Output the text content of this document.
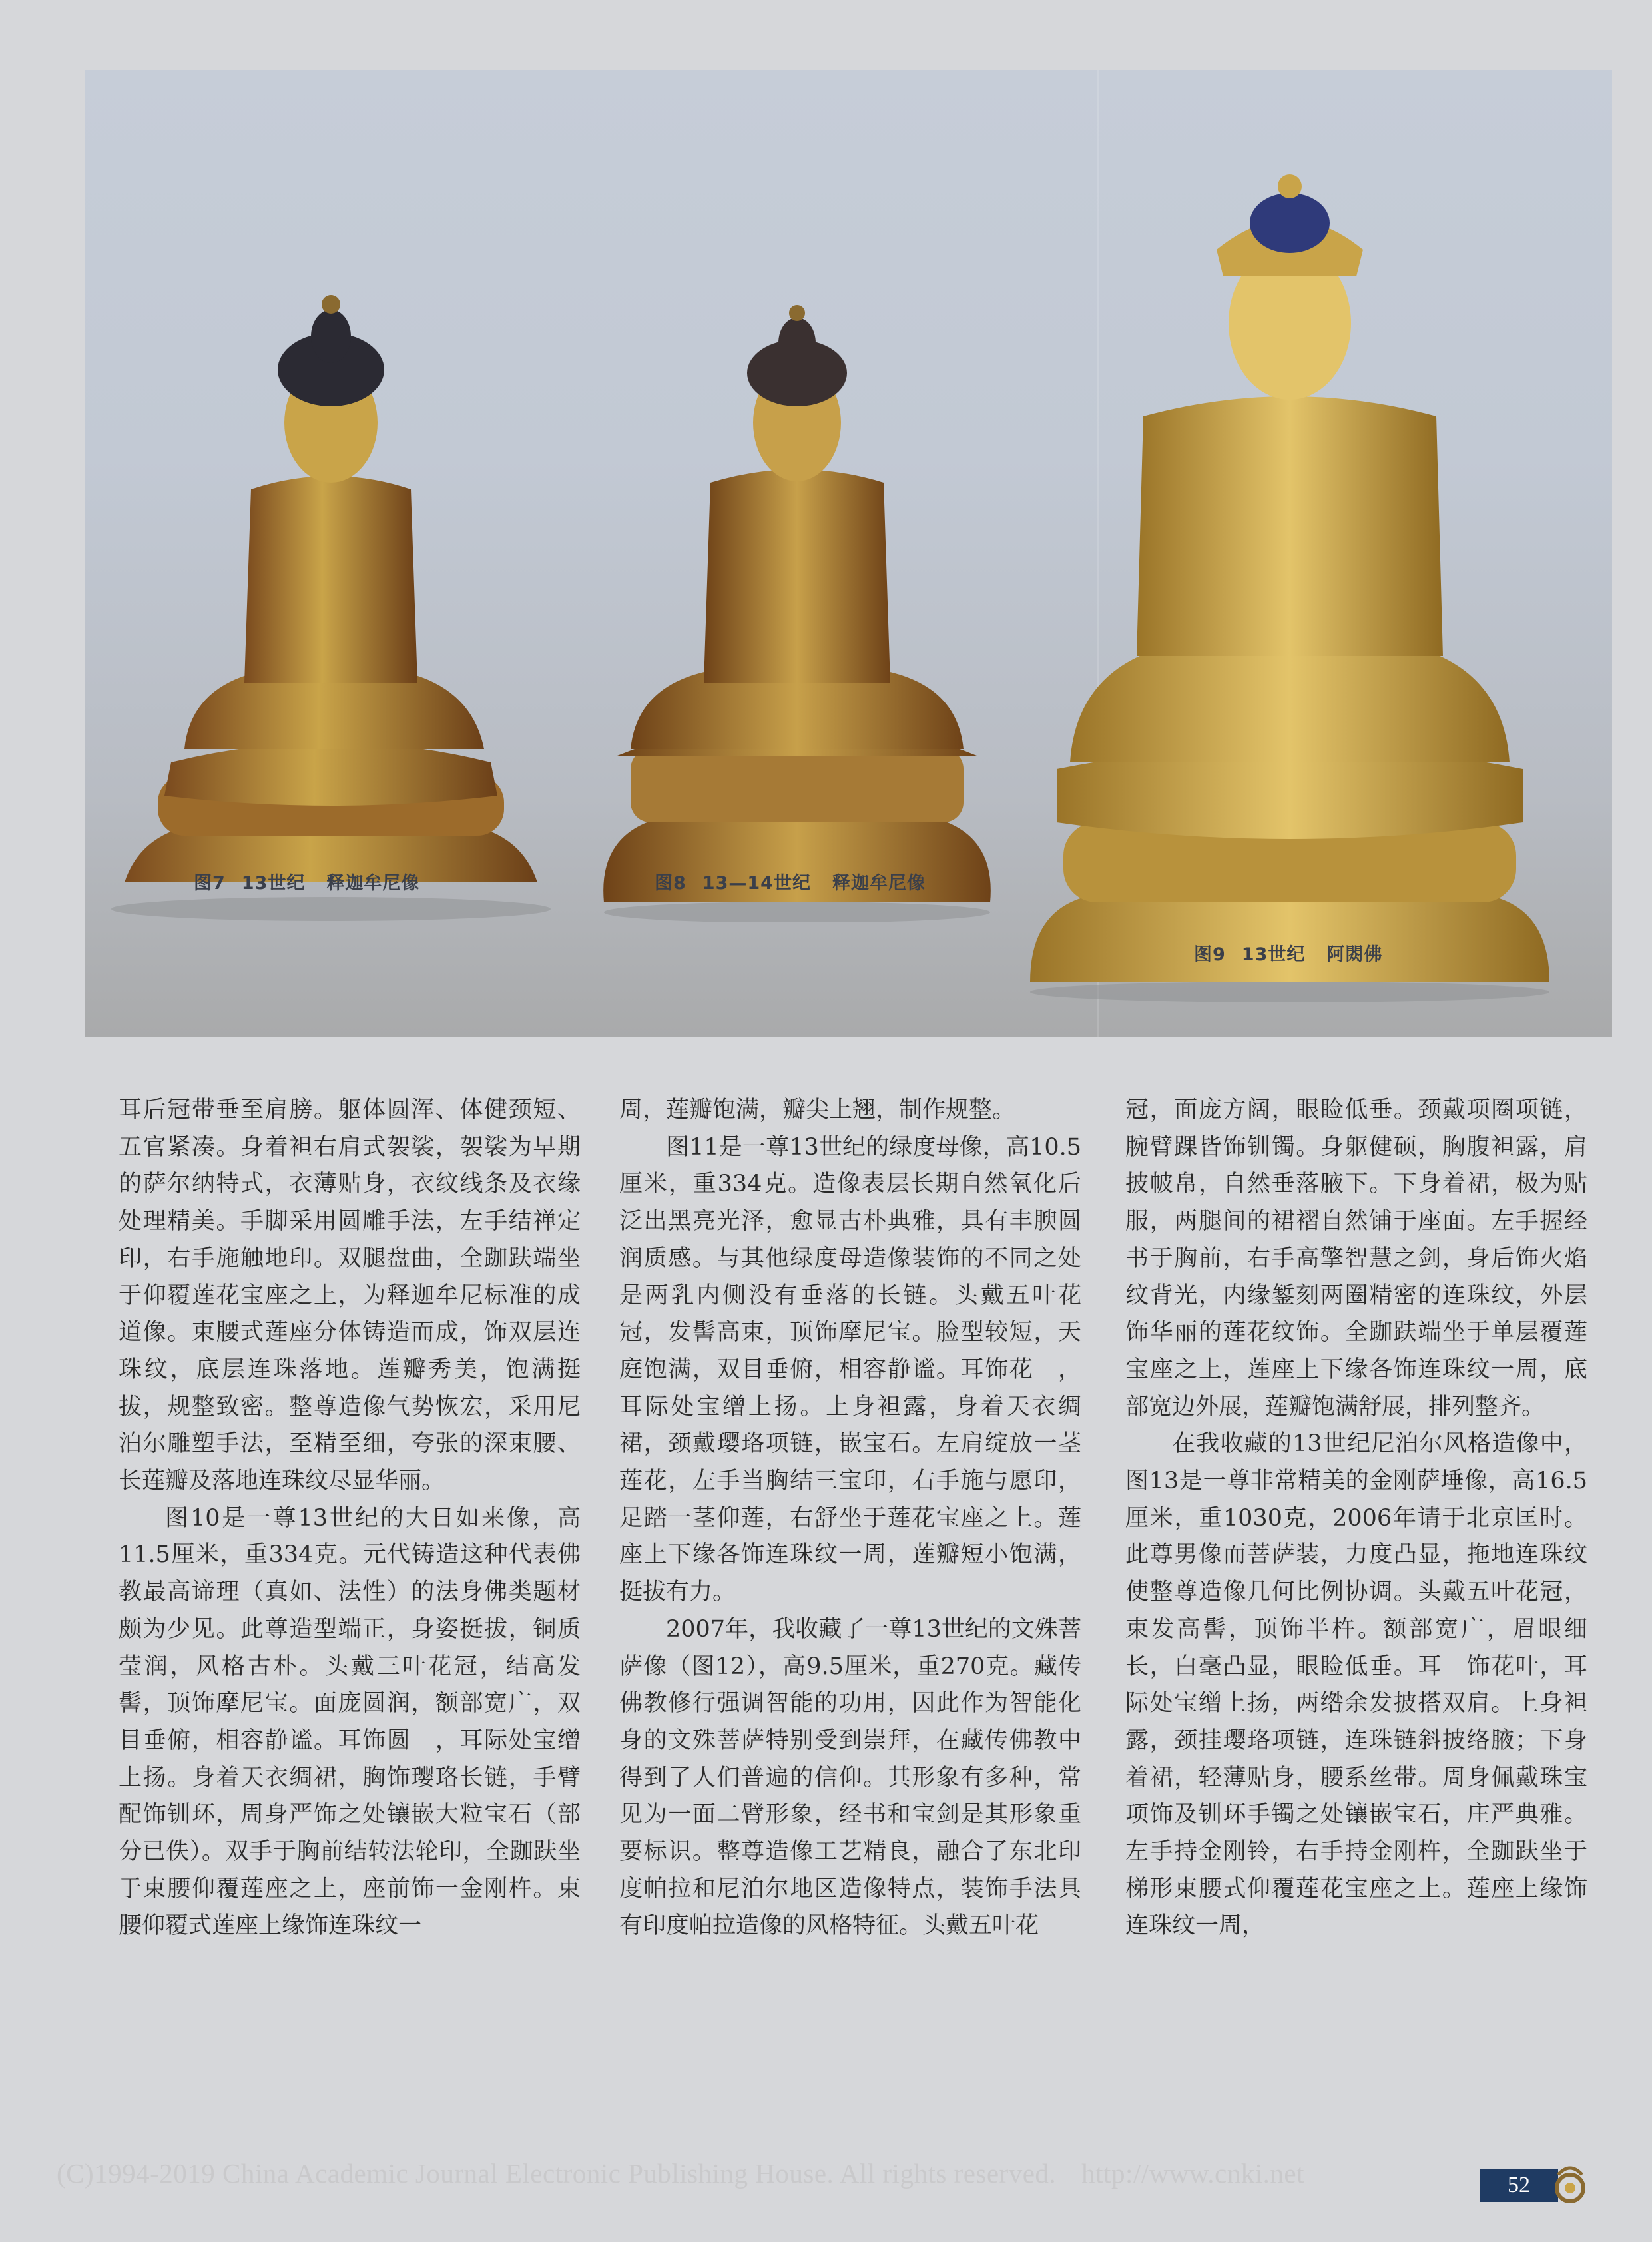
图7 13世纪 释迦牟尼像	图8 13—14世纪 释迦牟尼像
图9 13世纪 阿閦佛

耳后冠带垂至肩膀。躯体圆浑、体健颈短、五官紧凑。身着袒右肩式袈裟，袈裟为早期的萨尔纳特式，衣薄贴身，衣纹线条及衣缘处理精美。手脚采用圆雕手法，左手结禅定印，右手施触地印。双腿盘曲，全跏趺端坐于仰覆莲花宝座之上，为释迦牟尼标准的成道像。束腰式莲座分体铸造而成，饰双层连珠纹，底层连珠落地。莲瓣秀美，饱满挺拔，规整致密。整尊造像气势恢宏，采用尼泊尔雕塑手法，至精至细，夸张的深束腰、长莲瓣及落地连珠纹尽显华丽。

图10是一尊13世纪的大日如来像，高11.5厘米，重334克。元代铸造这种代表佛教最高谛理（真如、法性）的法身佛类题材颇为少见。此尊造型端正，身姿挺拔，铜质莹润，风格古朴。头戴三叶花冠，结高发髻，顶饰摩尼宝。面庞圆润，额部宽广，双目垂俯，相容静谧。耳饰圆　，耳际处宝缯上扬。身着天衣绸裙，胸饰璎珞长链，手臂配饰钏环，周身严饰之处镶嵌大粒宝石（部分已佚）。双手于胸前结转法轮印，全跏趺坐于束腰仰覆莲座之上，座前饰一金刚杵。束腰仰覆式莲座上缘饰连珠纹一

周，莲瓣饱满，瓣尖上翘，制作规整。

图11是一尊13世纪的绿度母像，高10.5厘米，重334克。造像表层长期自然氧化后泛出黑亮光泽，愈显古朴典雅，具有丰腴圆润质感。与其他绿度母造像装饰的不同之处是两乳内侧没有垂落的长链。头戴五叶花冠，发髻高束，顶饰摩尼宝。脸型较短，天庭饱满，双目垂俯，相容静谧。耳饰花　，耳际处宝缯上扬。上身袒露，身着天衣绸裙，颈戴璎珞项链，嵌宝石。左肩绽放一茎莲花，左手当胸结三宝印，右手施与愿印，足踏一茎仰莲，右舒坐于莲花宝座之上。莲座上下缘各饰连珠纹一周，莲瓣短小饱满，挺拔有力。

2007年，我收藏了一尊13世纪的文殊菩萨像（图12），高9.5厘米，重270克。藏传佛教修行强调智能的功用，因此作为智能化身的文殊菩萨特别受到崇拜，在藏传佛教中得到了人们普遍的信仰。其形象有多种，常见为一面二臂形象，经书和宝剑是其形象重要标识。整尊造像工艺精良，融合了东北印度帕拉和尼泊尔地区造像特点，装饰手法具有印度帕拉造像的风格特征。头戴五叶花

冠，面庞方阔，眼睑低垂。颈戴项圈项链，腕臂踝皆饰钏镯。身躯健硕，胸腹袒露，肩披帔帛，自然垂落腋下。下身着裙，极为贴服，两腿间的裙褶自然铺于座面。左手握经书于胸前，右手高擎智慧之剑，身后饰火焰纹背光，内缘錾刻两圈精密的连珠纹，外层饰华丽的莲花纹饰。全跏趺端坐于单层覆莲宝座之上，莲座上下缘各饰连珠纹一周，底部宽边外展，莲瓣饱满舒展，排列整齐。

在我收藏的13世纪尼泊尔风格造像中，图13是一尊非常精美的金刚萨埵像，高16.5厘米，重1030克，2006年请于北京匡时。此尊男像而菩萨装，力度凸显，拖地连珠纹使整尊造像几何比例协调。头戴五叶花冠，束发高髻，顶饰半杵。额部宽广，眉眼细长，白毫凸显，眼睑低垂。耳　饰花叶，耳际处宝缯上扬，两绺余发披搭双肩。上身袒露，颈挂璎珞项链，连珠链斜披络腋；下身着裙，轻薄贴身，腰系丝带。周身佩戴珠宝项饰及钏环手镯之处镶嵌宝石，庄严典雅。左手持金刚铃，右手持金刚杵，全跏趺坐于梯形束腰式仰覆莲花宝座之上。莲座上缘饰连珠纹一周，

52
(C)1994-2019 China Academic Journal Electronic Publishing House. All rights reserved. http://www.cnki.net
